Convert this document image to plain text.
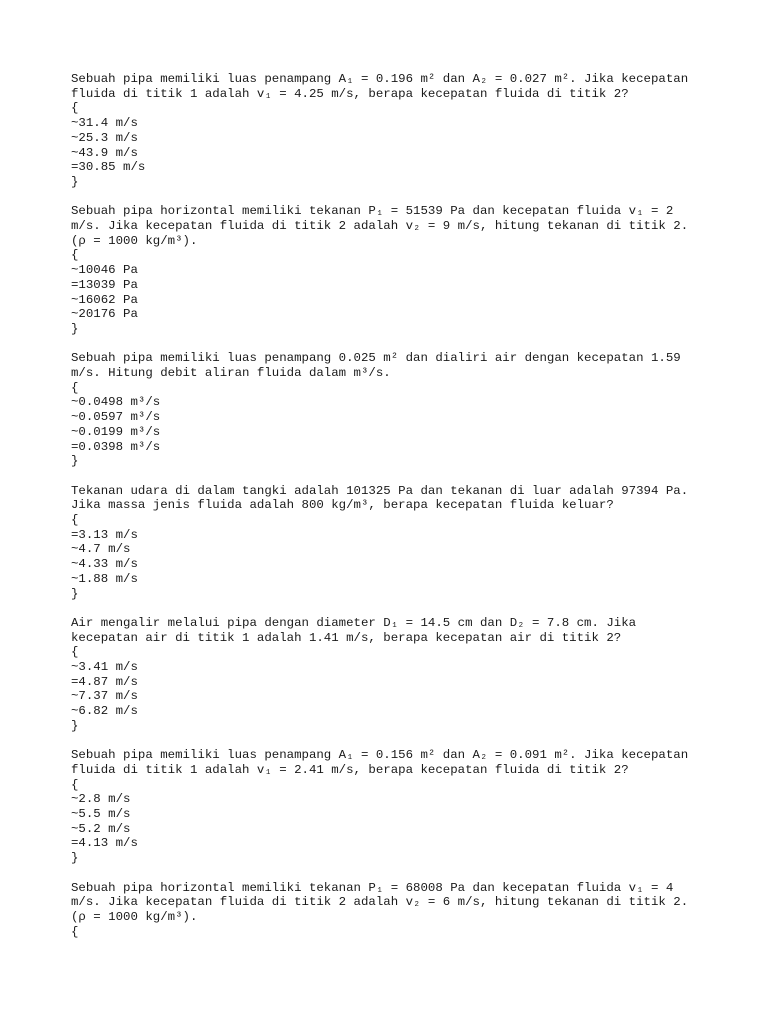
Sebuah pipa memiliki luas penampang A₁ = 0.196 m² dan A₂ = 0.027 m². Jika kecepatan
fluida di titik 1 adalah v₁ = 4.25 m/s, berapa kecepatan fluida di titik 2?
{
~31.4 m/s
~25.3 m/s
~43.9 m/s
=30.85 m/s
}
Sebuah pipa horizontal memiliki tekanan P₁ = 51539 Pa dan kecepatan fluida v₁ = 2
m/s. Jika kecepatan fluida di titik 2 adalah v₂ = 9 m/s, hitung tekanan di titik 2.
(ρ = 1000 kg/m³).
{
~10046 Pa
=13039 Pa
~16062 Pa
~20176 Pa
}
Sebuah pipa memiliki luas penampang 0.025 m² dan dialiri air dengan kecepatan 1.59
m/s. Hitung debit aliran fluida dalam m³/s.
{
~0.0498 m³/s
~0.0597 m³/s
~0.0199 m³/s
=0.0398 m³/s
}
Tekanan udara di dalam tangki adalah 101325 Pa dan tekanan di luar adalah 97394 Pa.
Jika massa jenis fluida adalah 800 kg/m³, berapa kecepatan fluida keluar?
{
=3.13 m/s
~4.7 m/s
~4.33 m/s
~1.88 m/s
}
Air mengalir melalui pipa dengan diameter D₁ = 14.5 cm dan D₂ = 7.8 cm. Jika
kecepatan air di titik 1 adalah 1.41 m/s, berapa kecepatan air di titik 2?
{
~3.41 m/s
=4.87 m/s
~7.37 m/s
~6.82 m/s
}
Sebuah pipa memiliki luas penampang A₁ = 0.156 m² dan A₂ = 0.091 m². Jika kecepatan
fluida di titik 1 adalah v₁ = 2.41 m/s, berapa kecepatan fluida di titik 2?
{
~2.8 m/s
~5.5 m/s
~5.2 m/s
=4.13 m/s
}
Sebuah pipa horizontal memiliki tekanan P₁ = 68008 Pa dan kecepatan fluida v₁ = 4
m/s. Jika kecepatan fluida di titik 2 adalah v₂ = 6 m/s, hitung tekanan di titik 2.
(ρ = 1000 kg/m³).
{
